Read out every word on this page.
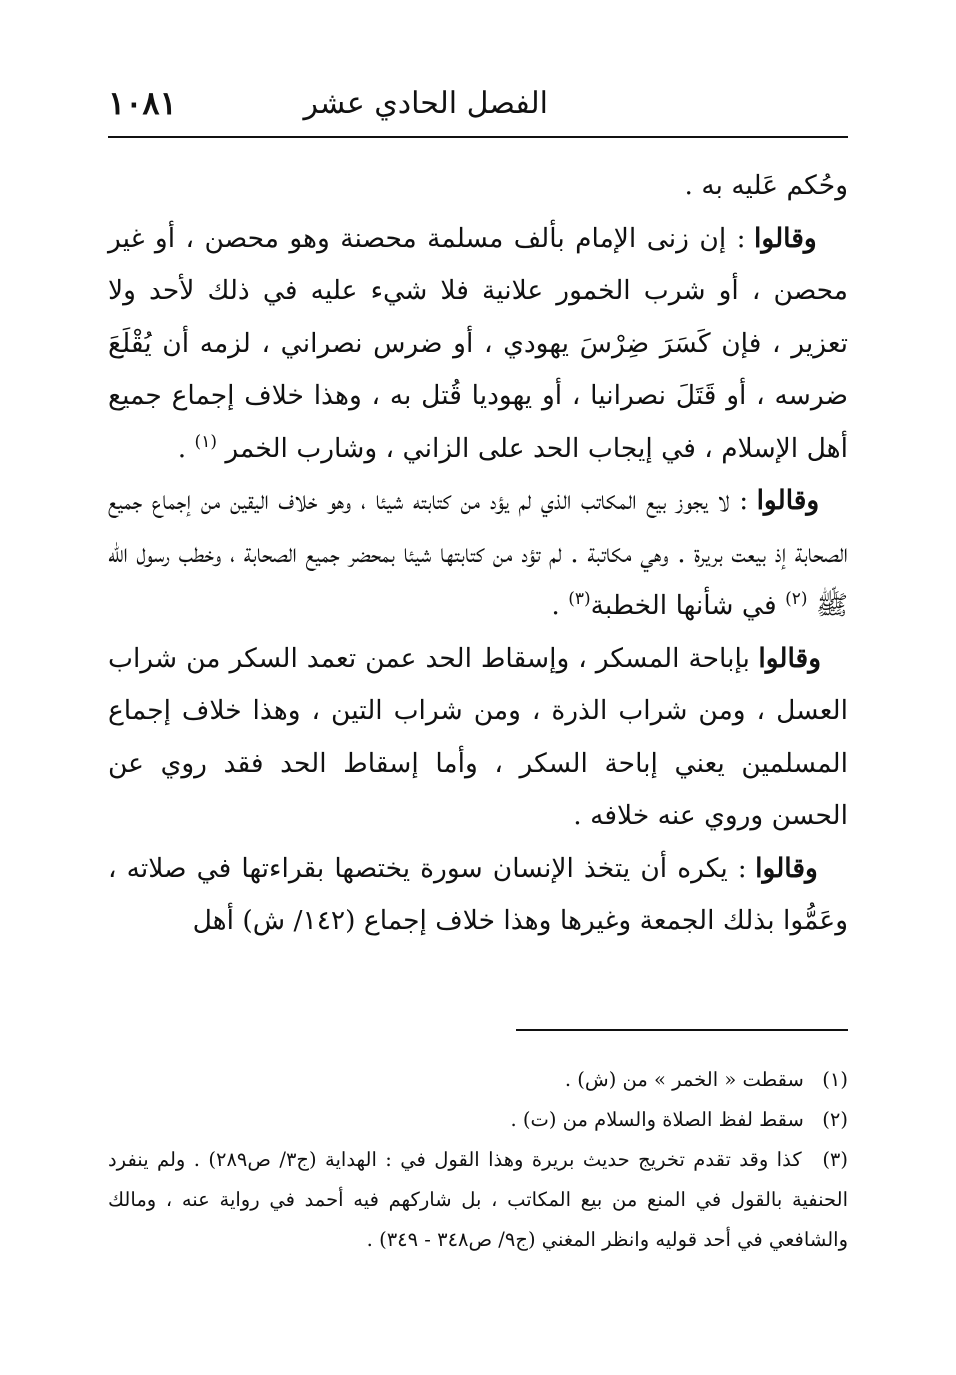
الفصل الحادي عشر
١٠٨١

وحُكم عَليه به .

وقالوا : إن زنى الإمام بألف مسلمة محصنة وهو محصن ، أو غير محصن ، أو شرب الخمور علانية فلا شيء عليه في ذلك لأحد ولا تعزير ، فإن كَسَرَ ضِرْسَ يهودي ، أو ضرس نصراني ، لزمه أن يُقْلَعَ ضرسه ، أو قَتَلَ نصرانيا ، أو يهوديا قُتل به ، وهذا خلاف إجماع جميع أهل الإسلام ، في إيجاب الحد على الزاني ، وشارب الخمر $^{(١)}$ .

وقالوا : لا يجوز بيع المكاتب الذي لم يؤد من كتابته شيئا ، وهو خلاف اليقين من إجماع جميع الصحابة إذ بيعت بريرة . وهي مكاتبة . لم تؤد من كتابتها شيئا بمحضر جميع الصحابة ، وخطب رسول الله ﷺ $^{(٢)}$ في شأنها الخطبة$^{(٣)}$ .

وقالوا بإباحة المسكر ، وإسقاط الحد عمن تعمد السكر من شراب العسل ، ومن شراب الذرة ، ومن شراب التين ، وهذا خلاف إجماع المسلمين يعني إباحة السكر ، وأما إسقاط الحد فقد روي عن الحسن وروي عنه خلافه .

وقالوا : يكره أن يتخذ الإنسان سورة يختصها بقراءتها في صلاته ، وعَمُّوا بذلك الجمعة وغيرها وهذا خلاف إجماع (١٤٢/ ش) أهل

(١) سقطت « الخمر » من (ش) .

(٢) سقط لفظ الصلاة والسلام من (ت) .

(٣) كذا وقد تقدم تخريج حديث بريرة وهذا القول في : الهداية (ج٣/ ص٢٨٩) . ولم ينفرد الحنفية بالقول في المنع من بيع المكاتب ، بل شاركهم فيه أحمد في رواية عنه ، ومالك والشافعي في أحد قوليه وانظر المغني (ج٩/ ص٣٤٨ - ٣٤٩) .
